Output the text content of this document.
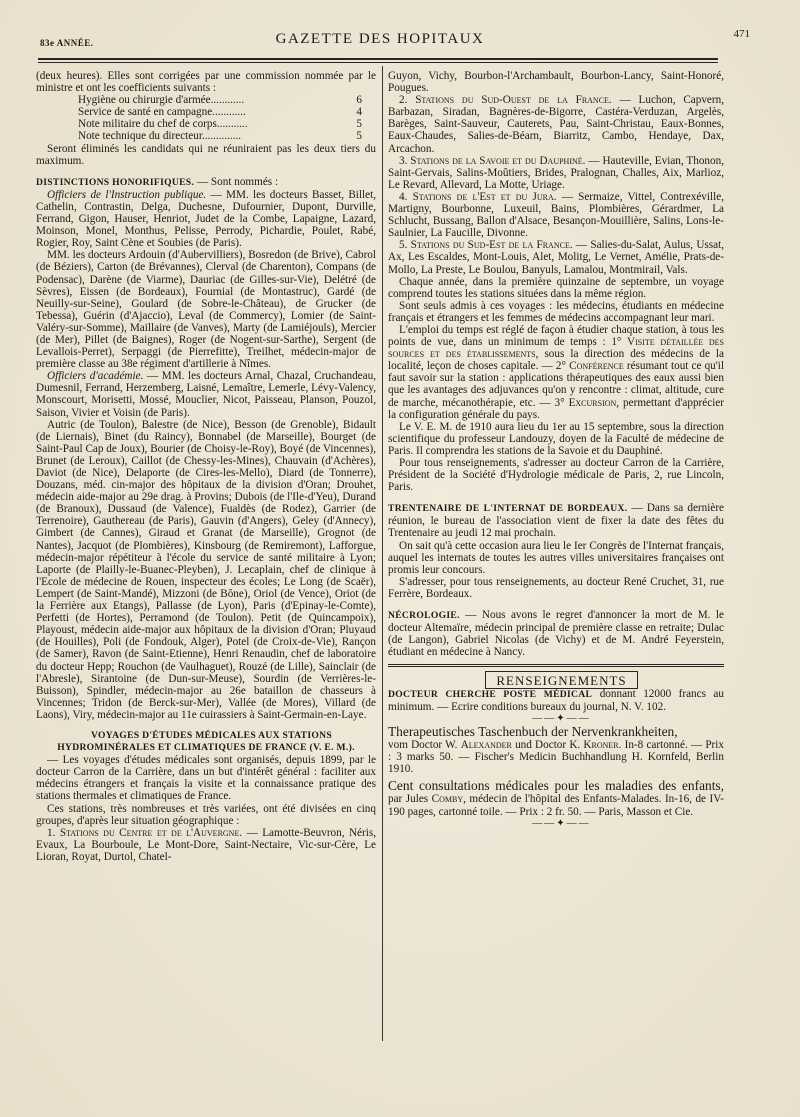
83e ANNÉE.	GAZETTE DES HOPITAUX	471

(deux heures). Elles sont corrigées par une commission nommée par le ministre et ont les coefficients suivants :

Hygiène ou chirurgie d'armée............	6
Service de santé en campagne............	4
Note militaire du chef de corps...........	5
Note technique du directeur..............	5

Seront éliminés les candidats qui ne réuniraient pas les deux tiers du maximum.

DISTINCTIONS HONORIFIQUES. — Sont nommés :

Officiers de l'Instruction publique. — MM. les docteurs Basset, Billet, Cathelin, Contrastin, Delga, Duchesne, Dufournier, Dupont, Durville, Ferrand, Gigon, Hauser, Henriot, Judet de la Combe, Lapaigne, Lazard, Moinson, Monel, Monthus, Pelisse, Perrody, Pichardie, Poulet, Rabé, Rogier, Roy, Saint Cène et Soubies (de Paris).

MM. les docteurs Ardouin (d'Aubervilliers), Bosredon (de Brive), Cabrol (de Béziers), Carton (de Brévannes), Clerval (de Charenton), Compans (de Podensac), Darène (de Viarme), Dauriac (de Gilles-sur-Vie), Delétré (de Sèvres), Eissen (de Bordeaux), Fournial (de Montastruc), Gardé (de Neuilly-sur-Seine), Goulard (de Sobre-le-Château), de Grucker (de Tebessa), Guérin (d'Ajaccio), Leval (de Commercy), Lomier (de Saint-Valéry-sur-Somme), Maillaire (de Vanves), Marty (de Lamiéjouls), Mercier (de Mer), Pillet (de Baignes), Roger (de Nogent-sur-Sarthe), Sergent (de Levallois-Perret), Serpaggi (de Pierrefitte), Treilhet, médecin-major de première classe au 38e régiment d'artillerie à Nîmes.

Officiers d'académie. — MM. les docteurs Arnal, Chazal, Cruchandeau, Dumesnil, Ferrand, Herzemberg, Laisné, Lemaître, Lemerle, Lévy-Valency, Monscourt, Morisetti, Mossé, Mouclier, Nicot, Paisseau, Planson, Pouzol, Saison, Vivier et Voisin (de Paris).

Autric (de Toulon), Balestre (de Nice), Besson (de Grenoble), Bidault (de Liernais), Binet (du Raincy), Bonnabel (de Marseille), Bourget (de Saint-Paul Cap de Joux), Bourier (de Choisy-le-Roy), Boyé (de Vincennes), Brunet (de Leroux), Caillot (de Chessy-les-Mines), Chauvain (d'Achères), Daviot (de Nice), Delaporte (de Cires-les-Mello), Diard (de Tonnerre), Douzans, méd. cin-major des hôpitaux de la division d'Oran; Drouhet, médecin aide-major au 29e drag. à Provins; Dubois (de l'Ile-d'Yeu), Durand (de Branoux), Dussaud (de Valence), Fualdès (de Rodez), Garrier (de Terrenoire), Gauthereau (de Paris), Gauvin (d'Angers), Geley (d'Annecy), Gimbert (de Cannes), Giraud et Granat (de Marseille), Grognot (de Nantes), Jacquot (de Plombières), Kinsbourg (de Remiremont), Lafforgue, médecin-major répétiteur à l'école du service de santé militaire à Lyon; Laporte (de Plailly-le-Buanec-Pleyben), J. Lecaplain, chef de clinique à l'Ecole de médecine de Rouen, inspecteur des écoles; Le Long (de Scaër), Lempert (de Saint-Mandé), Mizzoni (de Bône), Oriol (de Vence), Oriot (de la Ferrière aux Etangs), Pallasse (de Lyon), Paris (d'Epinay-le-Comte), Perfetti (de Hortes), Perramond (de Toulon). Petit (de Quincampoix), Playoust, médecin aide-major aux hôpitaux de la division d'Oran; Pluyaud (de Houilles), Poli (de Fondouk, Alger), Potel (de Croix-de-Vie), Rançon (de Samer), Ravon (de Saint-Etienne), Henri Renaudin, chef de laboratoire du docteur Hepp; Rouchon (de Vaulhaguet), Rouzé (de Lille), Sainclair (de l'Abresle), Sirantoine (de Dun-sur-Meuse), Sourdin (de Verrières-le-Buisson), Spindler, médecin-major au 26e bataillon de chasseurs à Vincennes; Tridon (de Berck-sur-Mer), Vallée (de Mores), Villard (de Laons), Viry, médecin-major au 11e cuirassiers à Saint-Germain-en-Laye.

VOYAGES D'ÉTUDES MÉDICALES AUX STATIONS HYDROMINÉRALES ET CLIMATIQUES DE FRANCE (V. E. M.).

— Les voyages d'études médicales sont organisés, depuis 1899, par le docteur Carron de la Carrière, dans un but d'intérêt général : faciliter aux médecins étrangers et français la visite et la connaissance pratique des stations thermales et climatiques de France.

Ces stations, très nombreuses et très variées, ont été divisées en cinq groupes, d'après leur situation géographique :

1. Stations du Centre et de l'Auvergne. — Lamotte-Beuvron, Néris, Evaux, La Bourboule, Le Mont-Dore, Saint-Nectaire, Vic-sur-Cère, Le Lioran, Royat, Durtol, Chatel-

Guyon, Vichy, Bourbon-l'Archambault, Bourbon-Lancy, Saint-Honoré, Pougues.

2. Stations du Sud-Ouest de la France. — Luchon, Capvern, Barbazan, Siradan, Bagnères-de-Bigorre, Castéra-Verduzan, Argelès, Barèges, Saint-Sauveur, Cauterets, Pau, Saint-Christau, Eaux-Bonnes, Eaux-Chaudes, Salies-de-Béarn, Biarritz, Cambo, Hendaye, Dax, Arcachon.

3. Stations de la Savoie et du Dauphiné. — Hauteville, Evian, Thonon, Saint-Gervais, Salins-Moûtiers, Brides, Pralognan, Challes, Aix, Marlioz, Le Revard, Allevard, La Motte, Uriage.

4. Stations de l'Est et du Jura. — Sermaize, Vittel, Contrexéville, Martigny, Bourbonne, Luxeuil, Bains, Plombières, Gérardmer, La Schlucht, Bussang, Ballon d'Alsace, Besançon-Mouillière, Salins, Lons-le-Saulnier, La Faucille, Divonne.

5. Stations du Sud-Est de la France. — Salies-du-Salat, Aulus, Ussat, Ax, Les Escaldes, Mont-Louis, Alet, Molitg, Le Vernet, Amélie, Prats-de-Mollo, La Preste, Le Boulou, Banyuls, Lamalou, Montmirail, Vals.

Chaque année, dans la première quinzaine de septembre, un voyage comprend toutes les stations situées dans la même région.

Sont seuls admis à ces voyages : les médecins, étudiants en médecine français et étrangers et les femmes de médecins accompagnant leur mari.

L'emploi du temps est réglé de façon à étudier chaque station, à tous les points de vue, dans un minimum de temps : 1° Visite détaillée des sources et des établissements, sous la direction des médecins de la localité, leçon de choses capitale. — 2° Conférence résumant tout ce qu'il faut savoir sur la station : applications thérapeutiques des eaux aussi bien que les avantages des adjuvances qu'on y rencontre : climat, altitude, cure de marche, mécanothérapie, etc. — 3° Excursion, permettant d'apprécier la configuration générale du pays.

Le V. E. M. de 1910 aura lieu du 1er au 15 septembre, sous la direction scientifique du professeur Landouzy, doyen de la Faculté de médecine de Paris. Il comprendra les stations de la Savoie et du Dauphiné.

Pour tous renseignements, s'adresser au docteur Carron de la Carrière, Président de la Société d'Hydrologie médicale de Paris, 2, rue Lincoln, Paris.

TRENTENAIRE DE L'INTERNAT DE BORDEAUX. — Dans sa dernière réunion, le bureau de l'association vient de fixer la date des fêtes du Trentenaire au jeudi 12 mai prochain.

On sait qu'à cette occasion aura lieu le Ier Congrès de l'Internat français, auquel les internats de toutes les autres villes universitaires françaises ont promis leur concours.

S'adresser, pour tous renseignements, au docteur René Cruchet, 31, rue Ferrère, Bordeaux.

NÉCROLOGIE. — Nous avons le regret d'annoncer la mort de M. le docteur Altemaïre, médecin principal de première classe en retraite; Dulac (de Langon), Gabriel Nicolas (de Vichy) et de M. André Feyerstein, étudiant en médecine à Nancy.

RENSEIGNEMENTS

DOCTEUR CHERCHE POSTE MÉDICAL donnant 12000 francs au minimum. — Ecrire conditions bureaux du journal, N. V. 102.

——✦——

Therapeutisches Taschenbuch der Nervenkrankheiten,

vom Doctor W. Alexander und Doctor K. Kroner. In-8 cartonné. — Prix : 3 marks 50. — Fischer's Medicin Buchhandlung H. Kornfeld, Berlin 1910.

Cent consultations médicales pour les maladies des enfants, par Jules Comby, médecin de l'hôpital des Enfants-Malades. In-16, de IV-190 pages, cartonné toile. — Prix : 2 fr. 50. — Paris, Masson et Cie.

——✦——
